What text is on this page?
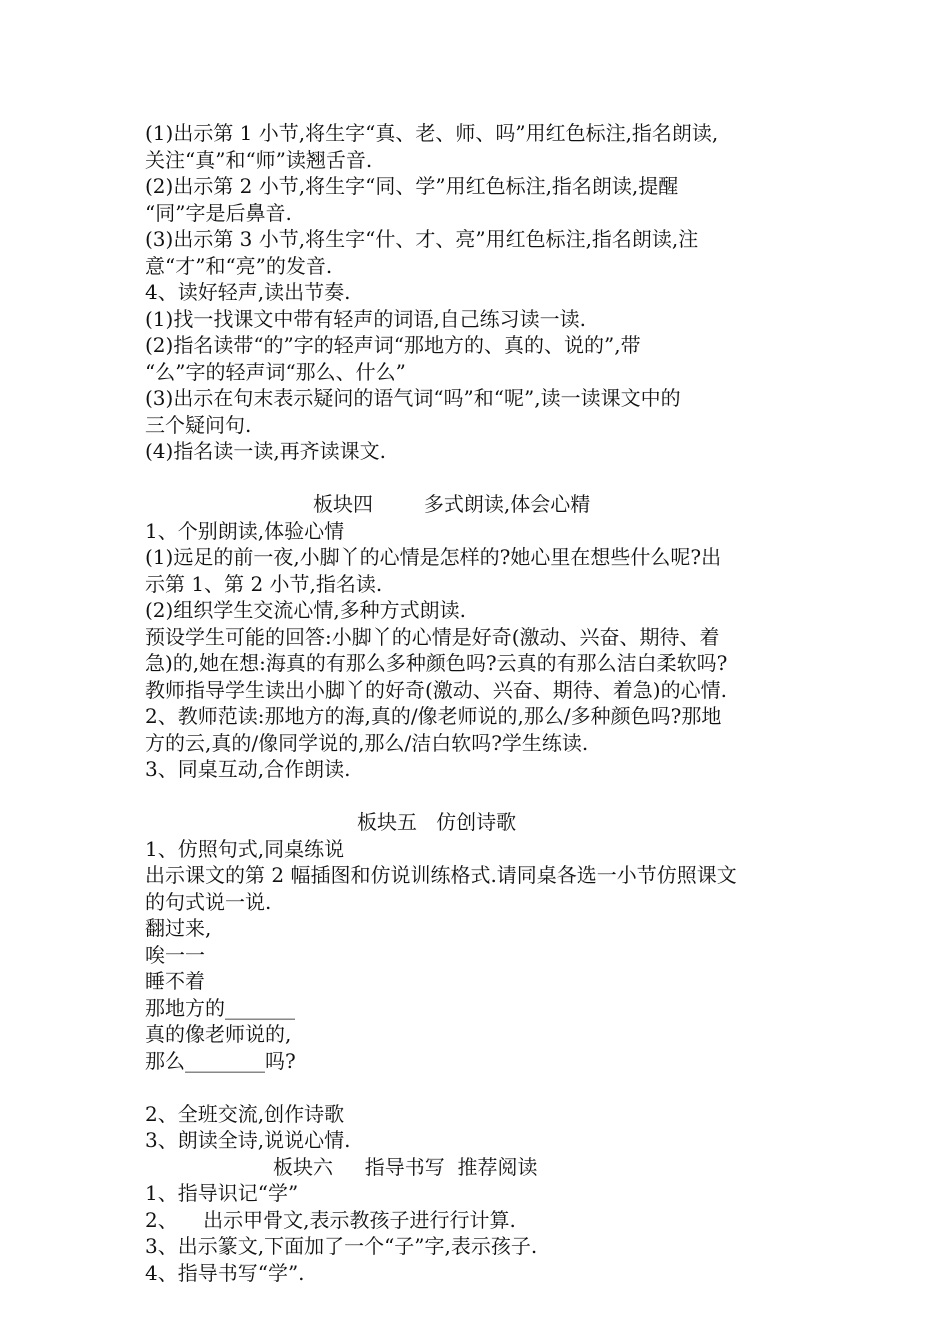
(1)出示第 1 小节,将生字“真、老、师、吗”用红色标注,指名朗读,
关注“真”和“师”读翘舌音.
(2)出示第 2 小节,将生字“同、学”用红色标注,指名朗读,提醒
“同”字是后鼻音.
(3)出示第 3 小节,将生字“什、才、亮”用红色标注,指名朗读,注
意“才”和“亮”的发音.
4、读好轻声,读出节奏.
(1)找一找课文中带有轻声的词语,自己练习读一读.
(2)指名读带“的”字的轻声词“那地方的、真的、说的”,带
“么”字的轻声词“那么、什么”
(3)出示在句末表示疑问的语气词“吗”和“呢”,读一读课文中的
三个疑问句.
(4)指名读一读,再齐读课文.
板块四        多式朗读,体会心精
1、个别朗读,体验心情
(1)远足的前一夜,小脚丫的心情是怎样的?她心里在想些什么呢?出
示第 1、第 2 小节,指名读.
(2)组织学生交流心情,多种方式朗读.
预设学生可能的回答:小脚丫的心情是好奇(激动、兴奋、期待、着
急)的,她在想:海真的有那么多种颜色吗?云真的有那么洁白柔软吗?
教师指导学生读出小脚丫的好奇(激动、兴奋、期待、着急)的心情.
2、教师范读:那地方的海,真的/像老师说的,那么/多种颜色吗?那地
方的云,真的/像同学说的,那么/洁白软吗?学生练读.
3、同桌互动,合作朗读.
板块五   仿创诗歌
1、仿照句式,同桌练说
出示课文的第 2 幅插图和仿说训练格式.请同桌各选一小节仿照课文
的句式说一说.
翻过来,
唉一一
睡不着
那地方的_______
真的像老师说的,
那么________吗?
2、全班交流,创作诗歌
3、朗读全诗,说说心情.
板块六     指导书写  推荐阅读
1、指导识记“学”
2、    出示甲骨文,表示教孩子进行行计算.
3、出示篆文,下面加了一个“子”字,表示孩子.
4、指导书写“学”.
